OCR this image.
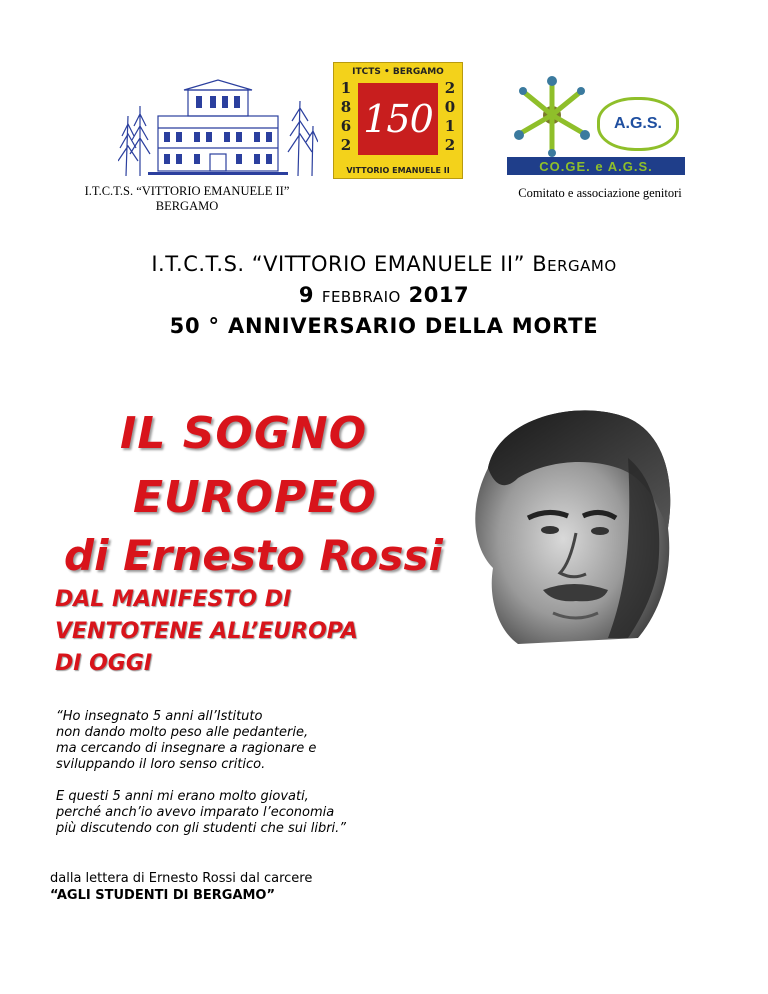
ITCTS • BERGAMO
1
8
6
2
2
0
1
2
150
VITTORIO EMANUELE II
A.G.S.
CO.GE. e A.G.S.
I.T.C.T.S. “VITTORIO EMANUELE II”
BERGAMO
Comitato e associazione genitori
I.T.C.T.S. “VITTORIO EMANUELE II” Bergamo
9 febbraio 2017
50 ° ANNIVERSARIO DELLA MORTE
IL SOGNO
EUROPEO
di Ernesto Rossi
DAL MANIFESTO DI
VENTOTENE ALL’EUROPA
DI OGGI
“Ho insegnato 5 anni all’Istituto
non dando molto peso alle pedanterie,
ma cercando di insegnare a ragionare e
sviluppando il loro senso critico.
E questi 5 anni mi erano molto giovati,
perché anch’io avevo imparato l’economia
più discutendo con gli studenti che sui libri.”
dalla lettera di Ernesto Rossi dal carcere
“AGLI STUDENTI DI BERGAMO”
